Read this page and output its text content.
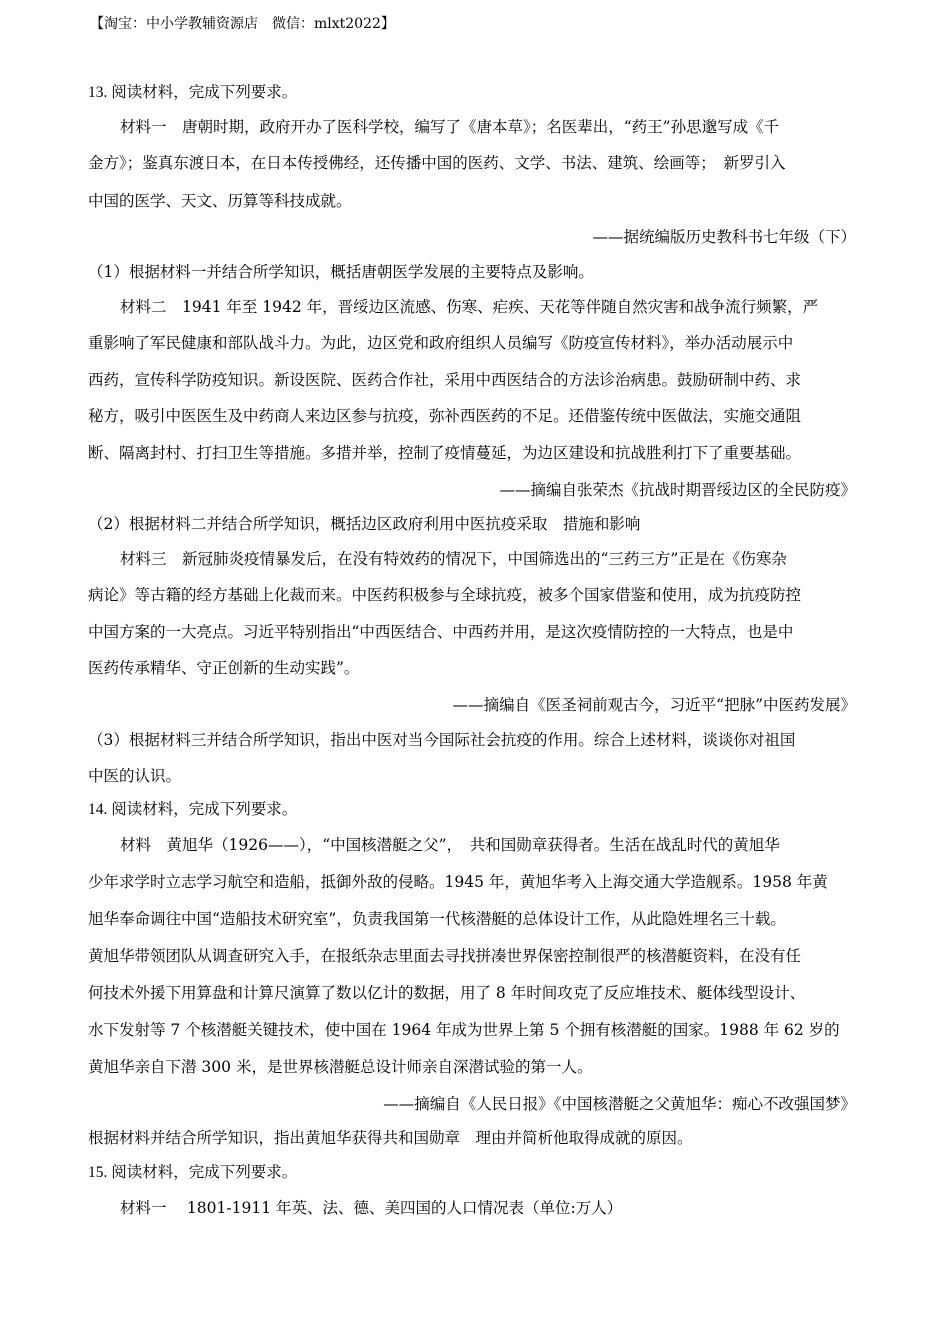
【淘宝：中小学教辅资源店　微信：mlxt2022】
13. 阅读材料，完成下列要求。
材料一　唐朝时期，政府开办了医科学校，编写了《唐本草》；名医辈出，“药王”孙思邈写成《千
金方》；鉴真东渡日本，在日本传授佛经，还传播中国的医药、文学、书法、建筑、绘画等；　新罗引入
中国的医学、天文、历算等科技成就。
——据统编版历史教科书七年级（下）
（1）根据材料一并结合所学知识，概括唐朝医学发展的主要特点及影响。
材料二　1941 年至 1942 年，晋绥边区流感、伤寒、疟疾、天花等伴随自然灾害和战争流行频繁，严
重影响了军民健康和部队战斗力。为此，边区党和政府组织人员编写《防疫宣传材料》，举办活动展示中
西药，宣传科学防疫知识。新设医院、医药合作社，采用中西医结合的方法诊治病患。鼓励研制中药、求
秘方，吸引中医医生及中药商人来边区参与抗疫，弥补西医药的不足。还借鉴传统中医做法，实施交通阻
断、隔离封村、打扫卫生等措施。多措并举，控制了疫情蔓延，为边区建设和抗战胜利打下了重要基础。
——摘编自张荣杰《抗战时期晋绥边区的全民防疫》
（2）根据材料二并结合所学知识，概括边区政府利用中医抗疫采取　措施和影响
材料三　新冠肺炎疫情暴发后，在没有特效药的情况下，中国筛选出的“三药三方”正是在《伤寒杂
病论》等古籍的经方基础上化裁而来。中医药积极参与全球抗疫，被多个国家借鉴和使用，成为抗疫防控
中国方案的一大亮点。习近平特别指出“中西医结合、中西药并用，是这次疫情防控的一大特点，也是中
医药传承精华、守正创新的生动实践”。
——摘编自《医圣祠前观古今，习近平“把脉”中医药发展》
（3）根据材料三并结合所学知识，指出中医对当今国际社会抗疫的作用。综合上述材料，谈谈你对祖国
中医的认识。
14. 阅读材料，完成下列要求。
材料　黄旭华（1926——），“中国核潜艇之父”，　共和国勋章获得者。生活在战乱时代的黄旭华
少年求学时立志学习航空和造船，抵御外敌的侵略。1945 年，黄旭华考入上海交通大学造舰系。1958 年黄
旭华奉命调往中国“造船技术研究室”，负责我国第一代核潜艇的总体设计工作，从此隐姓埋名三十载。
黄旭华带领团队从调查研究入手，在报纸杂志里面去寻找拼凑世界保密控制很严的核潜艇资料，在没有任
何技术外援下用算盘和计算尺演算了数以亿计的数据，用了 8 年时间攻克了反应堆技术、艇体线型设计、
水下发射等 7 个核潜艇关键技术，使中国在 1964 年成为世界上第 5 个拥有核潜艇的国家。1988 年 62 岁的
黄旭华亲自下潜 300 米，是世界核潜艇总设计师亲自深潜试验的第一人。
——摘编自《人民日报》《中国核潜艇之父黄旭华：痴心不改强国梦》
根据材料并结合所学知识，指出黄旭华获得共和国勋章　理由并简析他取得成就的原因。
15. 阅读材料，完成下列要求。
材料一　 1801-1911 年英、法、德、美四国的人口情况表（单位:万人）
